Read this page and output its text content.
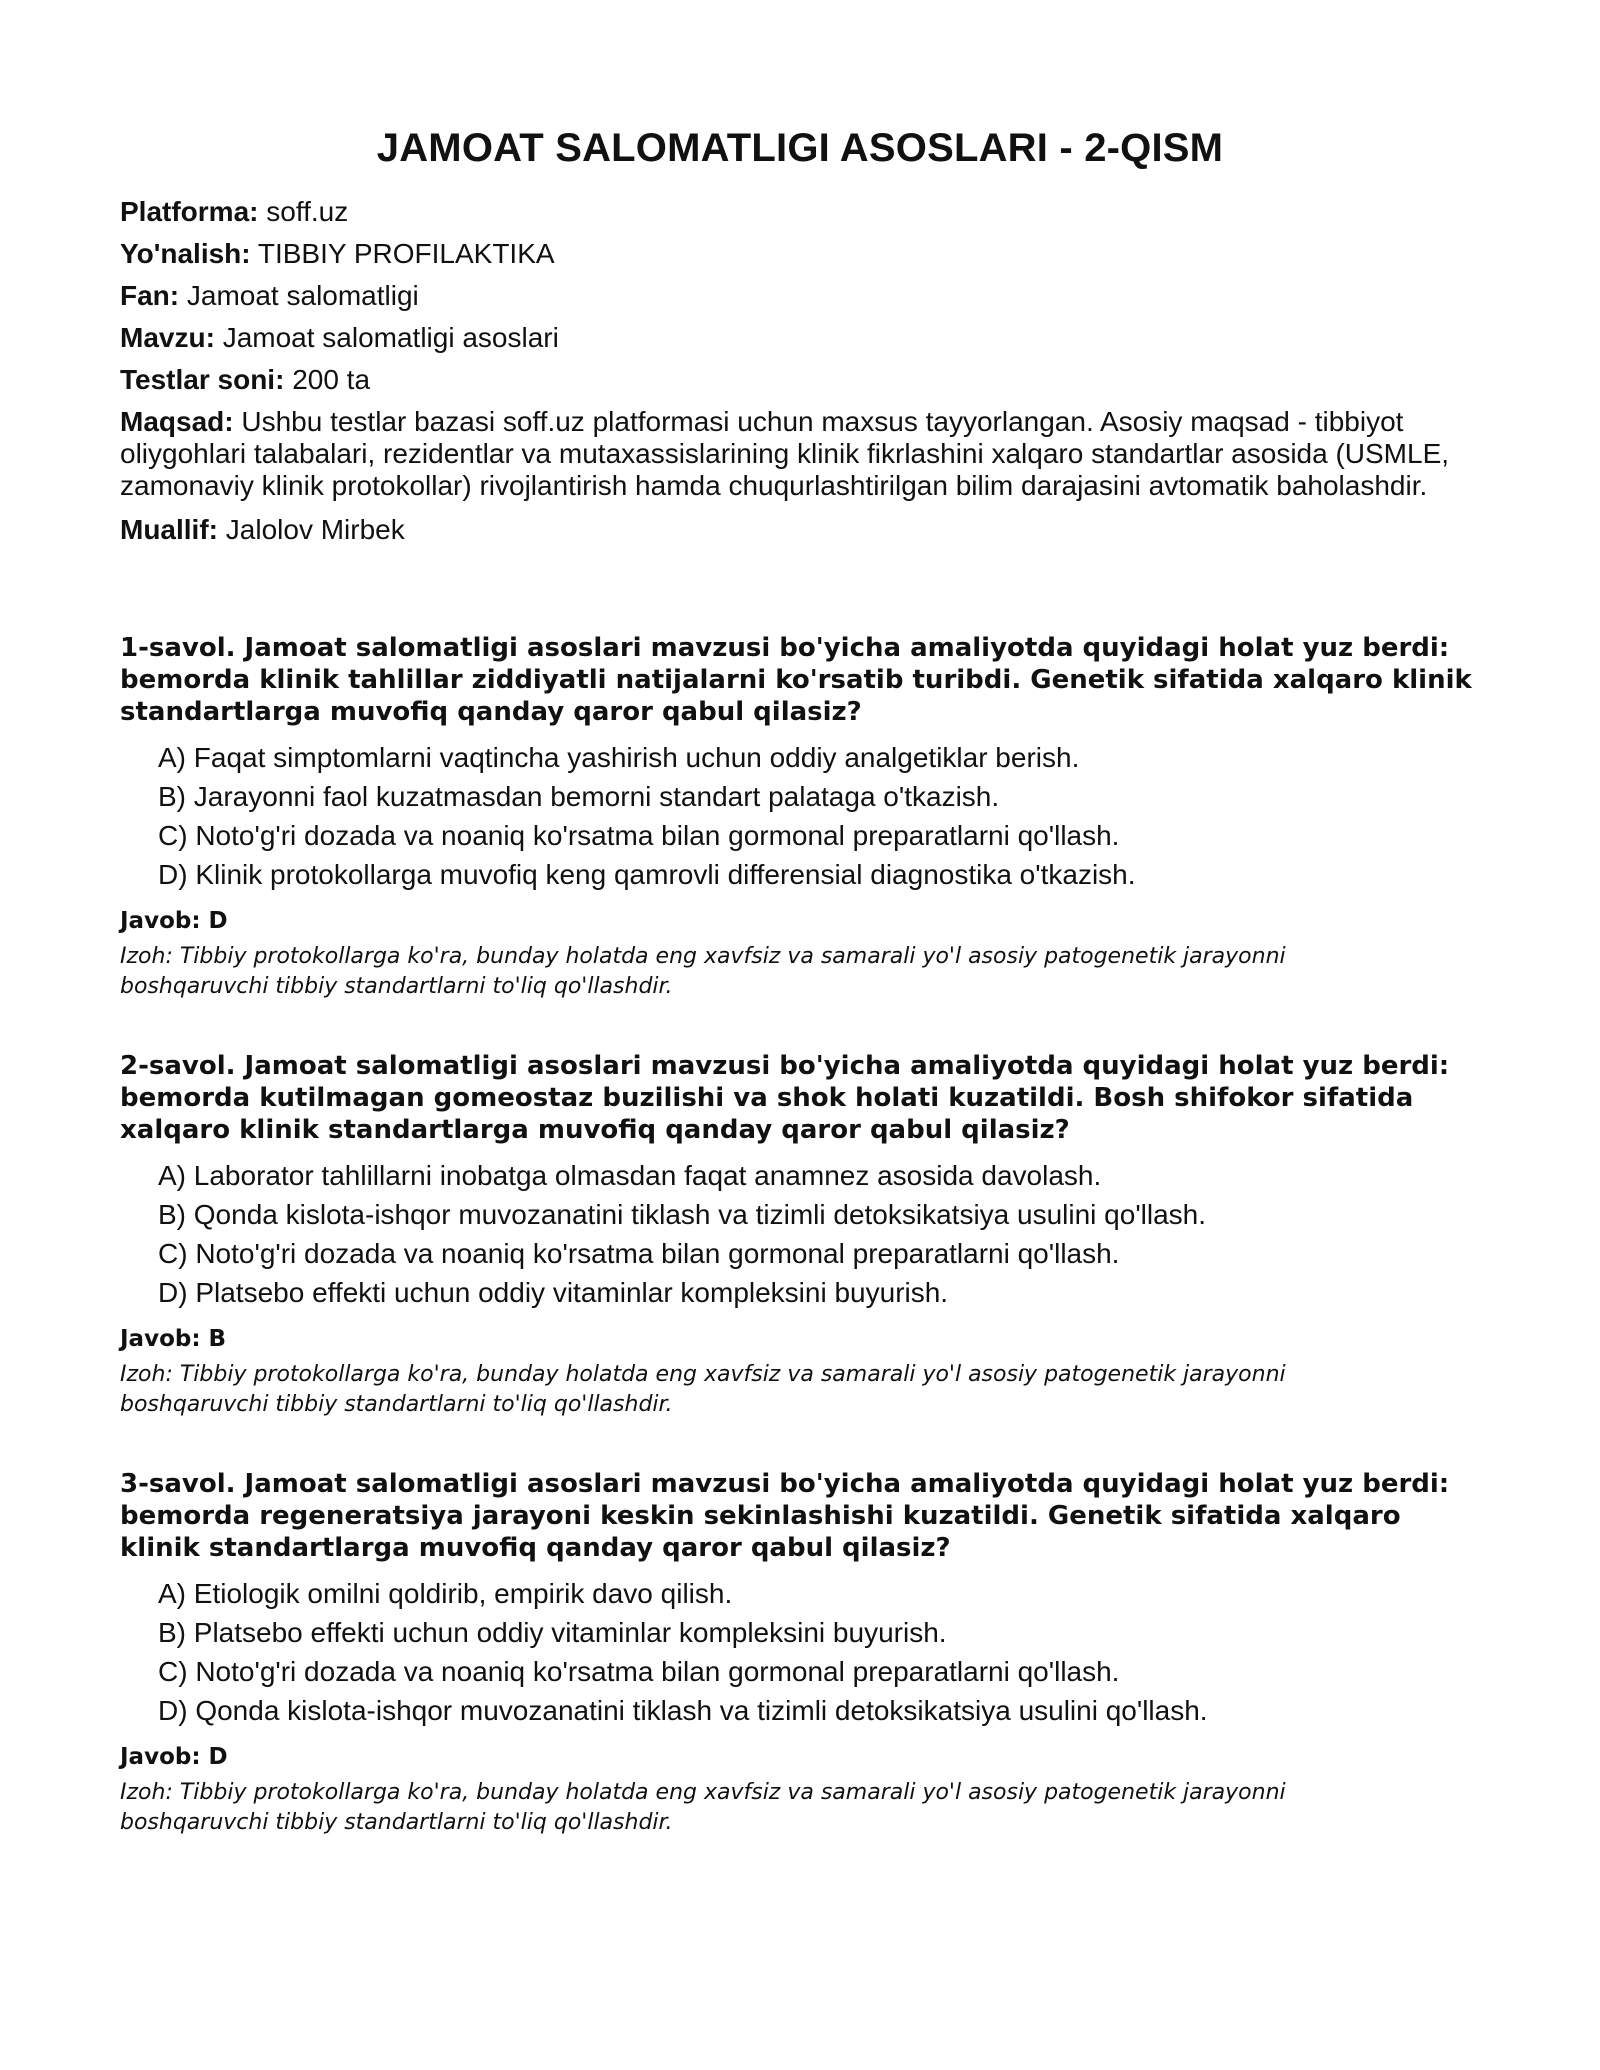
JAMOAT SALOMATLIGI ASOSLARI - 2-QISM
Platforma: soff.uz
Yo'nalish: TIBBIY PROFILAKTIKA
Fan: Jamoat salomatligi
Mavzu: Jamoat salomatligi asoslari
Testlar soni: 200 ta
Maqsad: Ushbu testlar bazasi soff.uz platformasi uchun maxsus tayyorlangan. Asosiy maqsad - tibbiyot oliygohlari talabalari, rezidentlar va mutaxassislarining klinik fikrlashini xalqaro standartlar asosida (USMLE, zamonaviy klinik protokollar) rivojlantirish hamda chuqurlashtirilgan bilim darajasini avtomatik baholashdir.
Muallif: Jalolov Mirbek

1-savol. Jamoat salomatligi asoslari mavzusi bo'yicha amaliyotda quyidagi holat yuz berdi: bemorda klinik tahlillar ziddiyatli natijalarni ko'rsatib turibdi. Genetik sifatida xalqaro klinik standartlarga muvofiq qanday qaror qabul qilasiz?

A) Faqat simptomlarni vaqtincha yashirish uchun oddiy analgetiklar berish.
B) Jarayonni faol kuzatmasdan bemorni standart palataga o'tkazish.
C) Noto'g'ri dozada va noaniq ko'rsatma bilan gormonal preparatlarni qo'llash.
D) Klinik protokollarga muvofiq keng qamrovli differensial diagnostika o'tkazish.
Javob: D
Izoh: Tibbiy protokollarga ko'ra, bunday holatda eng xavfsiz va samarali yo'l asosiy patogenetik jarayonni boshqaruvchi tibbiy standartlarni to'liq qo'llashdir.

2-savol. Jamoat salomatligi asoslari mavzusi bo'yicha amaliyotda quyidagi holat yuz berdi: bemorda kutilmagan gomeostaz buzilishi va shok holati kuzatildi. Bosh shifokor sifatida xalqaro klinik standartlarga muvofiq qanday qaror qabul qilasiz?

A) Laborator tahlillarni inobatga olmasdan faqat anamnez asosida davolash.
B) Qonda kislota-ishqor muvozanatini tiklash va tizimli detoksikatsiya usulini qo'llash.
C) Noto'g'ri dozada va noaniq ko'rsatma bilan gormonal preparatlarni qo'llash.
D) Platsebo effekti uchun oddiy vitaminlar kompleksini buyurish.
Javob: B
Izoh: Tibbiy protokollarga ko'ra, bunday holatda eng xavfsiz va samarali yo'l asosiy patogenetik jarayonni boshqaruvchi tibbiy standartlarni to'liq qo'llashdir.

3-savol. Jamoat salomatligi asoslari mavzusi bo'yicha amaliyotda quyidagi holat yuz berdi: bemorda regeneratsiya jarayoni keskin sekinlashishi kuzatildi. Genetik sifatida xalqaro klinik standartlarga muvofiq qanday qaror qabul qilasiz?

A) Etiologik omilni qoldirib, empirik davo qilish.
B) Platsebo effekti uchun oddiy vitaminlar kompleksini buyurish.
C) Noto'g'ri dozada va noaniq ko'rsatma bilan gormonal preparatlarni qo'llash.
D) Qonda kislota-ishqor muvozanatini tiklash va tizimli detoksikatsiya usulini qo'llash.
Javob: D
Izoh: Tibbiy protokollarga ko'ra, bunday holatda eng xavfsiz va samarali yo'l asosiy patogenetik jarayonni boshqaruvchi tibbiy standartlarni to'liq qo'llashdir.
